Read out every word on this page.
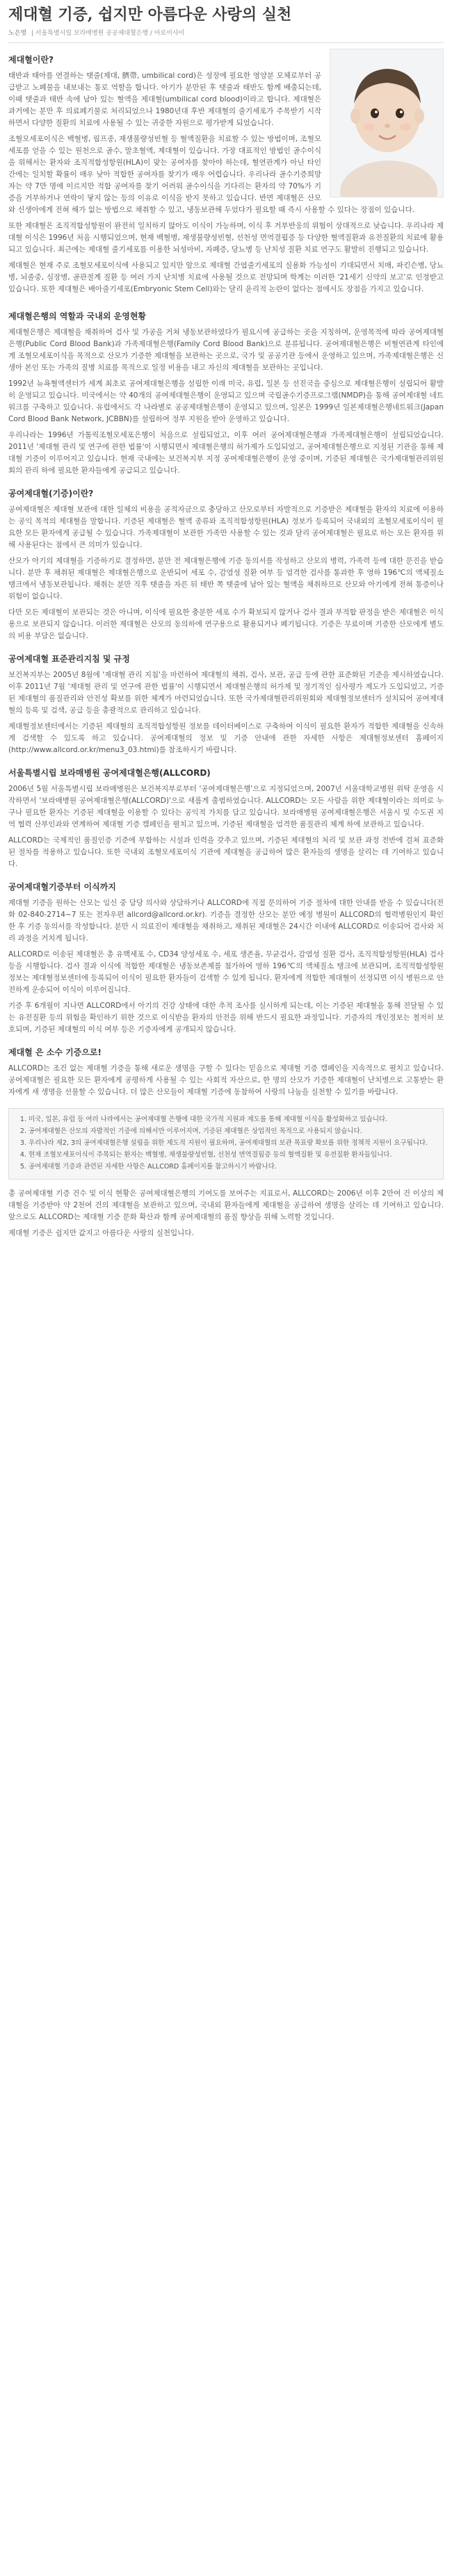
제대혈 기증, 쉽지만 아름다운 사랑의 실천
노은영 | 서울특별시립 보라매병원 공공제대혈은행 / 아로이사이
제대혈이란?

태반과 태아를 연결하는 탯줄(제대, 臍帶, umbilical cord)은 성장에 필요한 영양분 모체로부터 공급받고 노폐물을 내보내는 통로 역할을 합니다. 아기가 분만된 후 탯줄과 태반도 함께 배출되는데, 이때 탯줄과 태반 속에 남아 있는 혈액을 제대혈(umbilical cord blood)이라고 합니다. 제대혈은 과거에는 분만 후 의료폐기물로 처리되었으나 1980년대 후반 제대혈의 줄기세포가 주목받기 시작하면서 다양한 질환의 치료에 사용될 수 있는 귀중한 자원으로 평가받게 되었습니다.

조혈모세포이식은 백혈병, 림프종, 재생불량성빈혈 등 혈액질환을 치료할 수 있는 방법이며, 조혈모세포를 얻을 수 있는 원천으로 골수, 말초혈액, 제대혈이 있습니다. 가장 대표적인 방법인 골수이식을 위해서는 환자와 조직적합성항원(HLA)이 맞는 공여자를 찾아야 하는데, 혈연관계가 아닌 타인 간에는 일치할 확률이 매우 낮아 적합한 공여자를 찾기가 매우 어렵습니다. 우리나라 골수기증희망자는 약 7만 명에 이르지만 적합 공여자를 찾기 어려워 골수이식을 기다리는 환자의 약 70%가 기증을 거부하거나 연락이 닿지 않는 등의 이유로 이식을 받지 못하고 있습니다. 반면 제대혈은 산모와 신생아에게 전혀 해가 없는 방법으로 채취할 수 있고, 냉동보관해 두었다가 필요할 때 즉시 사용할 수 있다는 장점이 있습니다.

또한 제대혈은 조직적합성항원이 완전히 일치하지 않아도 이식이 가능하며, 이식 후 거부반응의 위험이 상대적으로 낮습니다. 우리나라 제대혈 이식은 1996년 처음 시행되었으며, 현재 백혈병, 재생불량성빈혈, 선천성 면역결핍증 등 다양한 혈액질환과 유전질환의 치료에 활용되고 있습니다. 최근에는 제대혈 줄기세포를 이용한 뇌성마비, 자폐증, 당뇨병 등 난치성 질환 치료 연구도 활발히 진행되고 있습니다.

제대혈은 현재 주로 조혈모세포이식에 사용되고 있지만 앞으로 제대혈 간엽줄기세포의 실용화 가능성이 기대되면서 치매, 파킨슨병, 당뇨병, 뇌졸중, 심장병, 골관절계 질환 등 여러 가지 난치병 치료에 사용될 것으로 전망되며 학계는 이러한 '21세기 신약의 보고'로 인정받고 있습니다. 또한 제대혈은 배아줄기세포(Embryonic Stem Cell)와는 달리 윤리적 논란이 없다는 점에서도 장점을 가지고 있습니다.

제대혈은행의 역할과 국내외 운영현황

제대혈은행은 제대혈을 채취하여 검사 및 가공을 거쳐 냉동보관하였다가 필요시에 공급하는 곳을 지칭하며, 운영목적에 따라 공여제대혈은행(Public Cord Blood Bank)과 가족제대혈은행(Family Cord Blood Bank)으로 분류됩니다. 공여제대혈은행은 비혈연관계 타인에게 조혈모세포이식을 목적으로 산모가 기증한 제대혈을 보관하는 곳으로, 국가 및 공공기관 등에서 운영하고 있으며, 가족제대혈은행은 신생아 본인 또는 가족의 질병 치료를 목적으로 일정 비용을 내고 자신의 제대혈을 보관하는 곳입니다.

1992년 뉴욕혈액센터가 세계 최초로 공여제대혈은행을 설립한 이래 미국, 유럽, 일본 등 선진국을 중심으로 제대혈은행이 설립되어 활발히 운영되고 있습니다. 미국에서는 약 40개의 공여제대혈은행이 운영되고 있으며 국립골수기증프로그램(NMDP)을 통해 공여제대혈 네트워크를 구축하고 있습니다. 유럽에서도 각 나라별로 공공제대혈은행이 운영되고 있으며, 일본은 1999년 일본제대혈은행네트워크(Japan Cord Blood Bank Network, JCBBN)를 설립하여 정부 지원을 받아 운영하고 있습니다.

우리나라는 1996년 가톨릭조혈모세포은행이 처음으로 설립되었고, 이후 여러 공여제대혈은행과 가족제대혈은행이 설립되었습니다. 2011년 '제대혈 관리 및 연구에 관한 법률'이 시행되면서 제대혈은행의 허가제가 도입되었고, 공여제대혈은행으로 지정된 기관을 통해 제대혈 기증이 이루어지고 있습니다. 현재 국내에는 보건복지부 지정 공여제대혈은행이 운영 중이며, 기증된 제대혈은 국가제대혈관리위원회의 관리 하에 필요한 환자들에게 공급되고 있습니다.

공여제대혈(기증)이란?

공여제대혈은 제대혈 보관에 대한 일체의 비용을 공적자금으로 충당하고 산모로부터 자발적으로 기증받은 제대혈을 환자의 치료에 이용하는 공익 목적의 제대혈을 말합니다. 기증된 제대혈은 혈액 종류와 조직적합성항원(HLA) 정보가 등록되어 국내외의 조혈모세포이식이 필요한 모든 환자에게 공급될 수 있습니다. 가족제대혈이 보관한 가족만 사용할 수 있는 것과 달리 공여제대혈은 필요로 하는 모든 환자를 위해 사용된다는 점에서 큰 의미가 있습니다.

산모가 아기의 제대혈을 기증하기로 결정하면, 분만 전 제대혈은행에 기증 동의서를 작성하고 산모의 병력, 가족력 등에 대한 문진을 받습니다. 분만 후 채취된 제대혈은 제대혈은행으로 운반되어 세포 수, 감염성 질환 여부 등 엄격한 검사를 통과한 후 영하 196℃의 액체질소 탱크에서 냉동보관됩니다. 채취는 분만 직후 탯줄을 자른 뒤 태반 쪽 탯줄에 남아 있는 혈액을 채취하므로 산모와 아기에게 전혀 통증이나 위험이 없습니다.

다만 모든 제대혈이 보관되는 것은 아니며, 이식에 필요한 충분한 세포 수가 확보되지 않거나 검사 결과 부적합 판정을 받은 제대혈은 이식용으로 보관되지 않습니다. 이러한 제대혈은 산모의 동의하에 연구용으로 활용되거나 폐기됩니다. 기증은 무료이며 기증한 산모에게 별도의 비용 부담은 없습니다.

공여제대혈 표준관리지침 및 규정

보건복지부는 2005년 8월에 '제대혈 관리 지침'을 마련하여 제대혈의 채취, 검사, 보관, 공급 등에 관한 표준화된 기준을 제시하였습니다. 이후 2011년 7월 '제대혈 관리 및 연구에 관한 법률'이 시행되면서 제대혈은행의 허가제 및 정기적인 심사평가 제도가 도입되었고, 기증된 제대혈의 품질관리와 안전성 확보를 위한 체계가 마련되었습니다. 또한 국가제대혈관리위원회와 제대혈정보센터가 설치되어 공여제대혈의 등록 및 검색, 공급 등을 총괄적으로 관리하고 있습니다.

제대혈정보센터에서는 기증된 제대혈의 조직적합성항원 정보를 데이터베이스로 구축하여 이식이 필요한 환자가 적합한 제대혈을 신속하게 검색할 수 있도록 하고 있습니다. 공여제대혈의 정보 및 기증 안내에 관한 자세한 사항은 제대혈정보센터 홈페이지(http://www.allcord.or.kr/menu3_03.html)를 참조하시기 바랍니다.

서울특별시립 보라매병원 공여제대혈은행(ALLCORD)

2006년 5월 서울특별시립 보라매병원은 보건복지부로부터 '공여제대혈은행'으로 지정되었으며, 2007년 서울대학교병원 위탁 운영을 시작하면서 '보라매병원 공여제대혈은행(ALLCORD)'으로 새롭게 출범하였습니다. ALLCORD는 모든 사람을 위한 제대혈이라는 의미로 누구나 필요한 환자는 기증된 제대혈을 이용할 수 있다는 공익적 가치를 담고 있습니다. 보라매병원 공여제대혈은행은 서울시 및 수도권 지역 협력 산부인과와 연계하여 제대혈 기증 캠페인을 펼치고 있으며, 기증된 제대혈을 엄격한 품질관리 체계 하에 보관하고 있습니다.

ALLCORD는 국제적인 품질인증 기준에 부합하는 시설과 인력을 갖추고 있으며, 기증된 제대혈의 처리 및 보관 과정 전반에 걸쳐 표준화된 절차를 적용하고 있습니다. 또한 국내외 조혈모세포이식 기관에 제대혈을 공급하여 많은 환자들의 생명을 살리는 데 기여하고 있습니다.

공여제대혈기증부터 이식까지

제대혈 기증을 원하는 산모는 임신 중 담당 의사와 상담하거나 ALLCORD에 직접 문의하여 기증 절차에 대한 안내를 받을 수 있습니다(전화 02-840-2714~7 또는 전자우편 allcord@allcord.or.kr). 기증을 결정한 산모는 분만 예정 병원이 ALLCORD의 협력병원인지 확인한 후 기증 동의서를 작성합니다. 분만 시 의료진이 제대혈을 채취하고, 채취된 제대혈은 24시간 이내에 ALLCORD로 이송되어 검사와 처리 과정을 거치게 됩니다.

ALLCORD로 이송된 제대혈은 총 유핵세포 수, CD34 양성세포 수, 세포 생존율, 무균검사, 감염성 질환 검사, 조직적합성항원(HLA) 검사 등을 시행합니다. 검사 결과 이식에 적합한 제대혈은 냉동보존제를 첨가하여 영하 196℃의 액체질소 탱크에 보관되며, 조직적합성항원 정보는 제대혈정보센터에 등록되어 이식이 필요한 환자들이 검색할 수 있게 됩니다. 환자에게 적합한 제대혈이 선정되면 이식 병원으로 안전하게 운송되어 이식이 이루어집니다.

기증 후 6개월이 지나면 ALLCORD에서 아기의 건강 상태에 대한 추적 조사를 실시하게 되는데, 이는 기증된 제대혈을 통해 전달될 수 있는 유전질환 등의 위험을 확인하기 위한 것으로 이식받을 환자의 안전을 위해 반드시 필요한 과정입니다. 기증자의 개인정보는 철저히 보호되며, 기증된 제대혈의 이식 여부 등은 기증자에게 공개되지 않습니다.

제대혈 은 소수 기증으로!

ALLCORD는 조건 없는 제대혈 기증을 통해 새로운 생명을 구할 수 있다는 믿음으로 제대혈 기증 캠페인을 지속적으로 펼치고 있습니다. 공여제대혈은 필요한 모든 환자에게 공평하게 사용될 수 있는 사회적 자산으로, 한 명의 산모가 기증한 제대혈이 난치병으로 고통받는 환자에게 새 생명을 선물할 수 있습니다. 더 많은 산모들이 제대혈 기증에 동참하여 사랑의 나눔을 실천할 수 있기를 바랍니다.

1. 미국, 일본, 유럽 등 여러 나라에서는 공여제대혈 은행에 대한 국가적 지원과 제도를 통해 제대혈 이식을 활성화하고 있습니다.
2. 공여제대혈은 산모의 자발적인 기증에 의해서만 이루어지며, 기증된 제대혈은 상업적인 목적으로 사용되지 않습니다.
3. 우리나라 제2, 3의 공여제대혈은행 설립을 위한 제도적 지원이 필요하며, 공여제대혈의 보관 목표량 확보를 위한 정책적 지원이 요구됩니다.
4. 현재 조혈모세포이식이 주목되는 환자는 백혈병, 재생불량성빈혈, 선천성 면역결핍증 등의 혈액질환 및 유전질환 환자들입니다.
5. 공여제대혈 기증과 관련된 자세한 사항은 ALLCORD 홈페이지를 참고하시기 바랍니다.

총 공여제대혈 기증 건수 및 이식 현황은 공여제대혈은행의 기여도를 보여주는 지표로서, ALLCORD는 2006년 이후 2만여 건 이상의 제대혈을 기증받아 약 2천여 건의 제대혈을 보관하고 있으며, 국내외 환자들에게 제대혈을 공급하여 생명을 살리는 데 기여하고 있습니다. 앞으로도 ALLCORD는 제대혈 기증 문화 확산과 함께 공여제대혈의 품질 향상을 위해 노력할 것입니다.

제대혈 기증은 쉽지만 값지고 아름다운 사랑의 실천입니다.
